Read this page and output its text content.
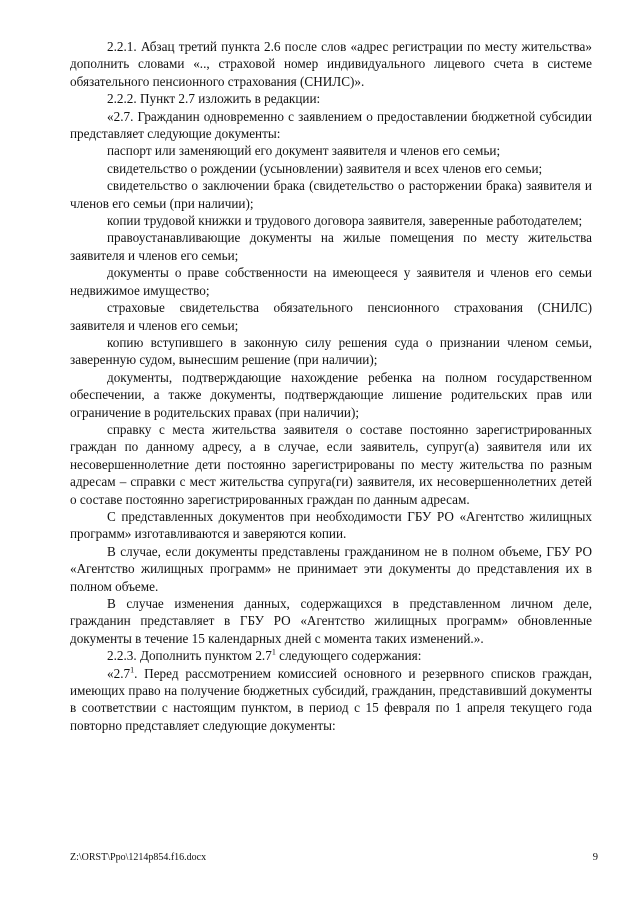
2.2.1. Абзац третий пункта 2.6 после слов «адрес регистрации по месту жительства» дополнить словами «.., страховой номер индивидуального лицевого счета в системе обязательного пенсионного страхования (СНИЛС)».

2.2.2. Пункт 2.7 изложить в редакции:

«2.7. Гражданин одновременно с заявлением о предоставлении бюджетной субсидии представляет следующие документы:

паспорт или заменяющий его документ заявителя и членов его семьи;

свидетельство о рождении (усыновлении) заявителя и всех членов его семьи;

свидетельство о заключении брака (свидетельство о расторжении брака) заявителя и членов его семьи (при наличии);

копии трудовой книжки и трудового договора заявителя, заверенные работодателем;

правоустанавливающие документы на жилые помещения по месту жительства заявителя и членов его семьи;

документы о праве собственности на имеющееся у заявителя и членов его семьи недвижимое имущество;

страховые свидетельства обязательного пенсионного страхования (СНИЛС) заявителя и членов его семьи;

копию вступившего в законную силу решения суда о признании членом семьи, заверенную судом, вынесшим решение (при наличии);

документы, подтверждающие нахождение ребенка на полном государственном обеспечении, а также документы, подтверждающие лишение родительских прав или ограничение в родительских правах (при наличии);

справку с места жительства заявителя о составе постоянно зарегистрированных граждан по данному адресу, а в случае, если заявитель, супруг(а) заявителя или их несовершеннолетние дети постоянно зарегистрированы по месту жительства по разным адресам – справки с мест жительства супруга(ги) заявителя, их несовершеннолетних детей о составе постоянно зарегистрированных граждан по данным адресам.

С представленных документов при необходимости ГБУ РО «Агентство жилищных программ» изготавливаются и заверяются копии.

В случае, если документы представлены гражданином не в полном объеме, ГБУ РО «Агентство жилищных программ» не принимает эти документы до представления их в полном объеме.

В случае изменения данных, содержащихся в представленном личном деле, гражданин представляет в ГБУ РО «Агентство жилищных программ» обновленные документы в течение 15 календарных дней с момента таких изменений.».

2.2.3. Дополнить пунктом $2.7^1$ следующего содержания:

«$2.7^1$. Перед рассмотрением комиссией основного и резервного списков граждан, имеющих право на получение бюджетных субсидий, гражданин, представивший документы в соответствии с настоящим пунктом, в период с 15 февраля по 1 апреля текущего года повторно представляет следующие документы:

Z:\ORST\Ppo\1214p854.f16.docx	9
